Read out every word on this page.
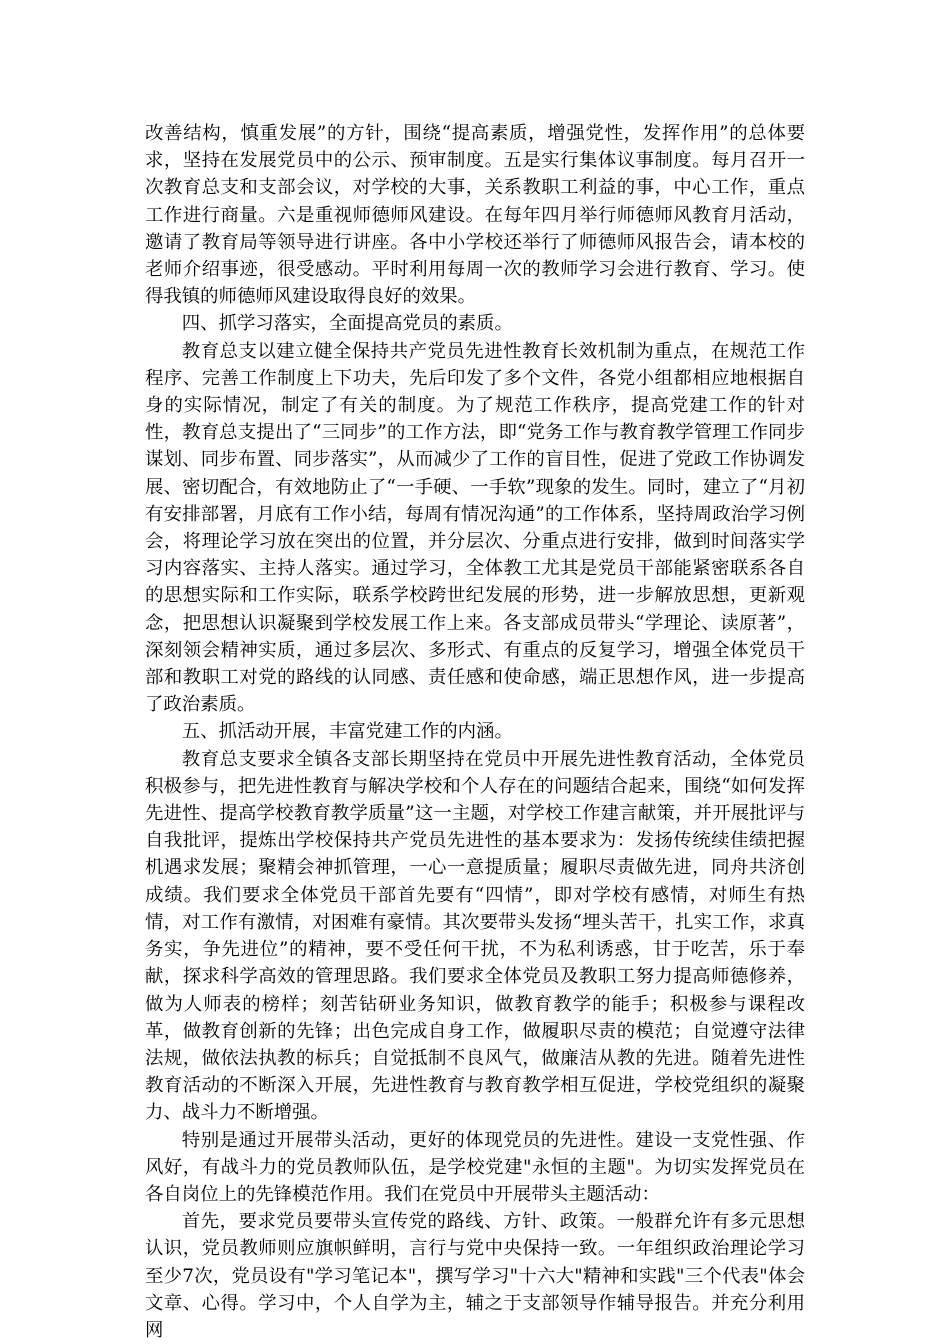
改善结构，慎重发展”的方针，围绕“提高素质，增强党性，发挥作用”的总体要求，坚持在发展党员中的公示、预审制度。五是实行集体议事制度。每月召开一次教育总支和支部会议，对学校的大事，关系教职工利益的事，中心工作，重点工作进行商量。六是重视师德师风建设。在每年四月举行师德师风教育月活动，邀请了教育局等领导进行讲座。各中小学校还举行了师德师风报告会，请本校的老师介绍事迹，很受感动。平时利用每周一次的教师学习会进行教育、学习。使得我镇的师德师风建设取得良好的效果。

四、抓学习落实，全面提高党员的素质。

教育总支以建立健全保持共产党员先进性教育长效机制为重点，在规范工作程序、完善工作制度上下功夫，先后印发了多个文件，各党小组都相应地根据自身的实际情况，制定了有关的制度。为了规范工作秩序，提高党建工作的针对性，教育总支提出了“三同步”的工作方法，即“党务工作与教育教学管理工作同步谋划、同步布置、同步落实”，从而减少了工作的盲目性，促进了党政工作协调发展、密切配合，有效地防止了“一手硬、一手软”现象的发生。同时，建立了“月初有安排部署，月底有工作小结，每周有情况沟通”的工作体系，坚持周政治学习例会，将理论学习放在突出的位置，并分层次、分重点进行安排，做到时间落实学习内容落实、主持人落实。通过学习，全体教工尤其是党员干部能紧密联系各自的思想实际和工作实际，联系学校跨世纪发展的形势，进一步解放思想，更新观念，把思想认识凝聚到学校发展工作上来。各支部成员带头“学理论、读原著”，深刻领会精神实质，通过多层次、多形式、有重点的反复学习，增强全体党员干部和教职工对党的路线的认同感、责任感和使命感，端正思想作风，进一步提高了政治素质。

五、抓活动开展，丰富党建工作的内涵。

教育总支要求全镇各支部长期坚持在党员中开展先进性教育活动，全体党员积极参与，把先进性教育与解决学校和个人存在的问题结合起来，围绕“如何发挥先进性、提高学校教育教学质量”这一主题，对学校工作建言献策，并开展批评与自我批评，提炼出学校保持共产党员先进性的基本要求为：发扬传统续佳绩把握机遇求发展；聚精会神抓管理，一心一意提质量；履职尽责做先进，同舟共济创成绩。我们要求全体党员干部首先要有“四情”，即对学校有感情，对师生有热情，对工作有激情，对困难有豪情。其次要带头发扬“埋头苦干，扎实工作，求真务实，争先进位”的精神，要不受任何干扰，不为私利诱惑，甘于吃苦，乐于奉献，探求科学高效的管理思路。我们要求全体党员及教职工努力提高师德修养，做为人师表的榜样；刻苦钻研业务知识，做教育教学的能手；积极参与课程改革，做教育创新的先锋；出色完成自身工作，做履职尽责的模范；自觉遵守法律法规，做依法执教的标兵；自觉抵制不良风气，做廉洁从教的先进。随着先进性教育活动的不断深入开展，先进性教育与教育教学相互促进，学校党组织的凝聚力、战斗力不断增强。

特别是通过开展带头活动，更好的体现党员的先进性。建设一支党性强、作风好，有战斗力的党员教师队伍，是学校党建"永恒的主题"。为切实发挥党员在各自岗位上的先锋模范作用。我们在党员中开展带头主题活动：

首先，要求党员要带头宣传党的路线、方针、政策。一般群允许有多元思想认识，党员教师则应旗帜鲜明，言行与党中央保持一致。一年组织政治理论学习至少7次，党员设有"学习笔记本"，撰写学习"十六大"精神和实践"三个代表"体会文章、心得。学习中，个人自学为主，辅之于支部领导作辅导报告。并充分利用网
